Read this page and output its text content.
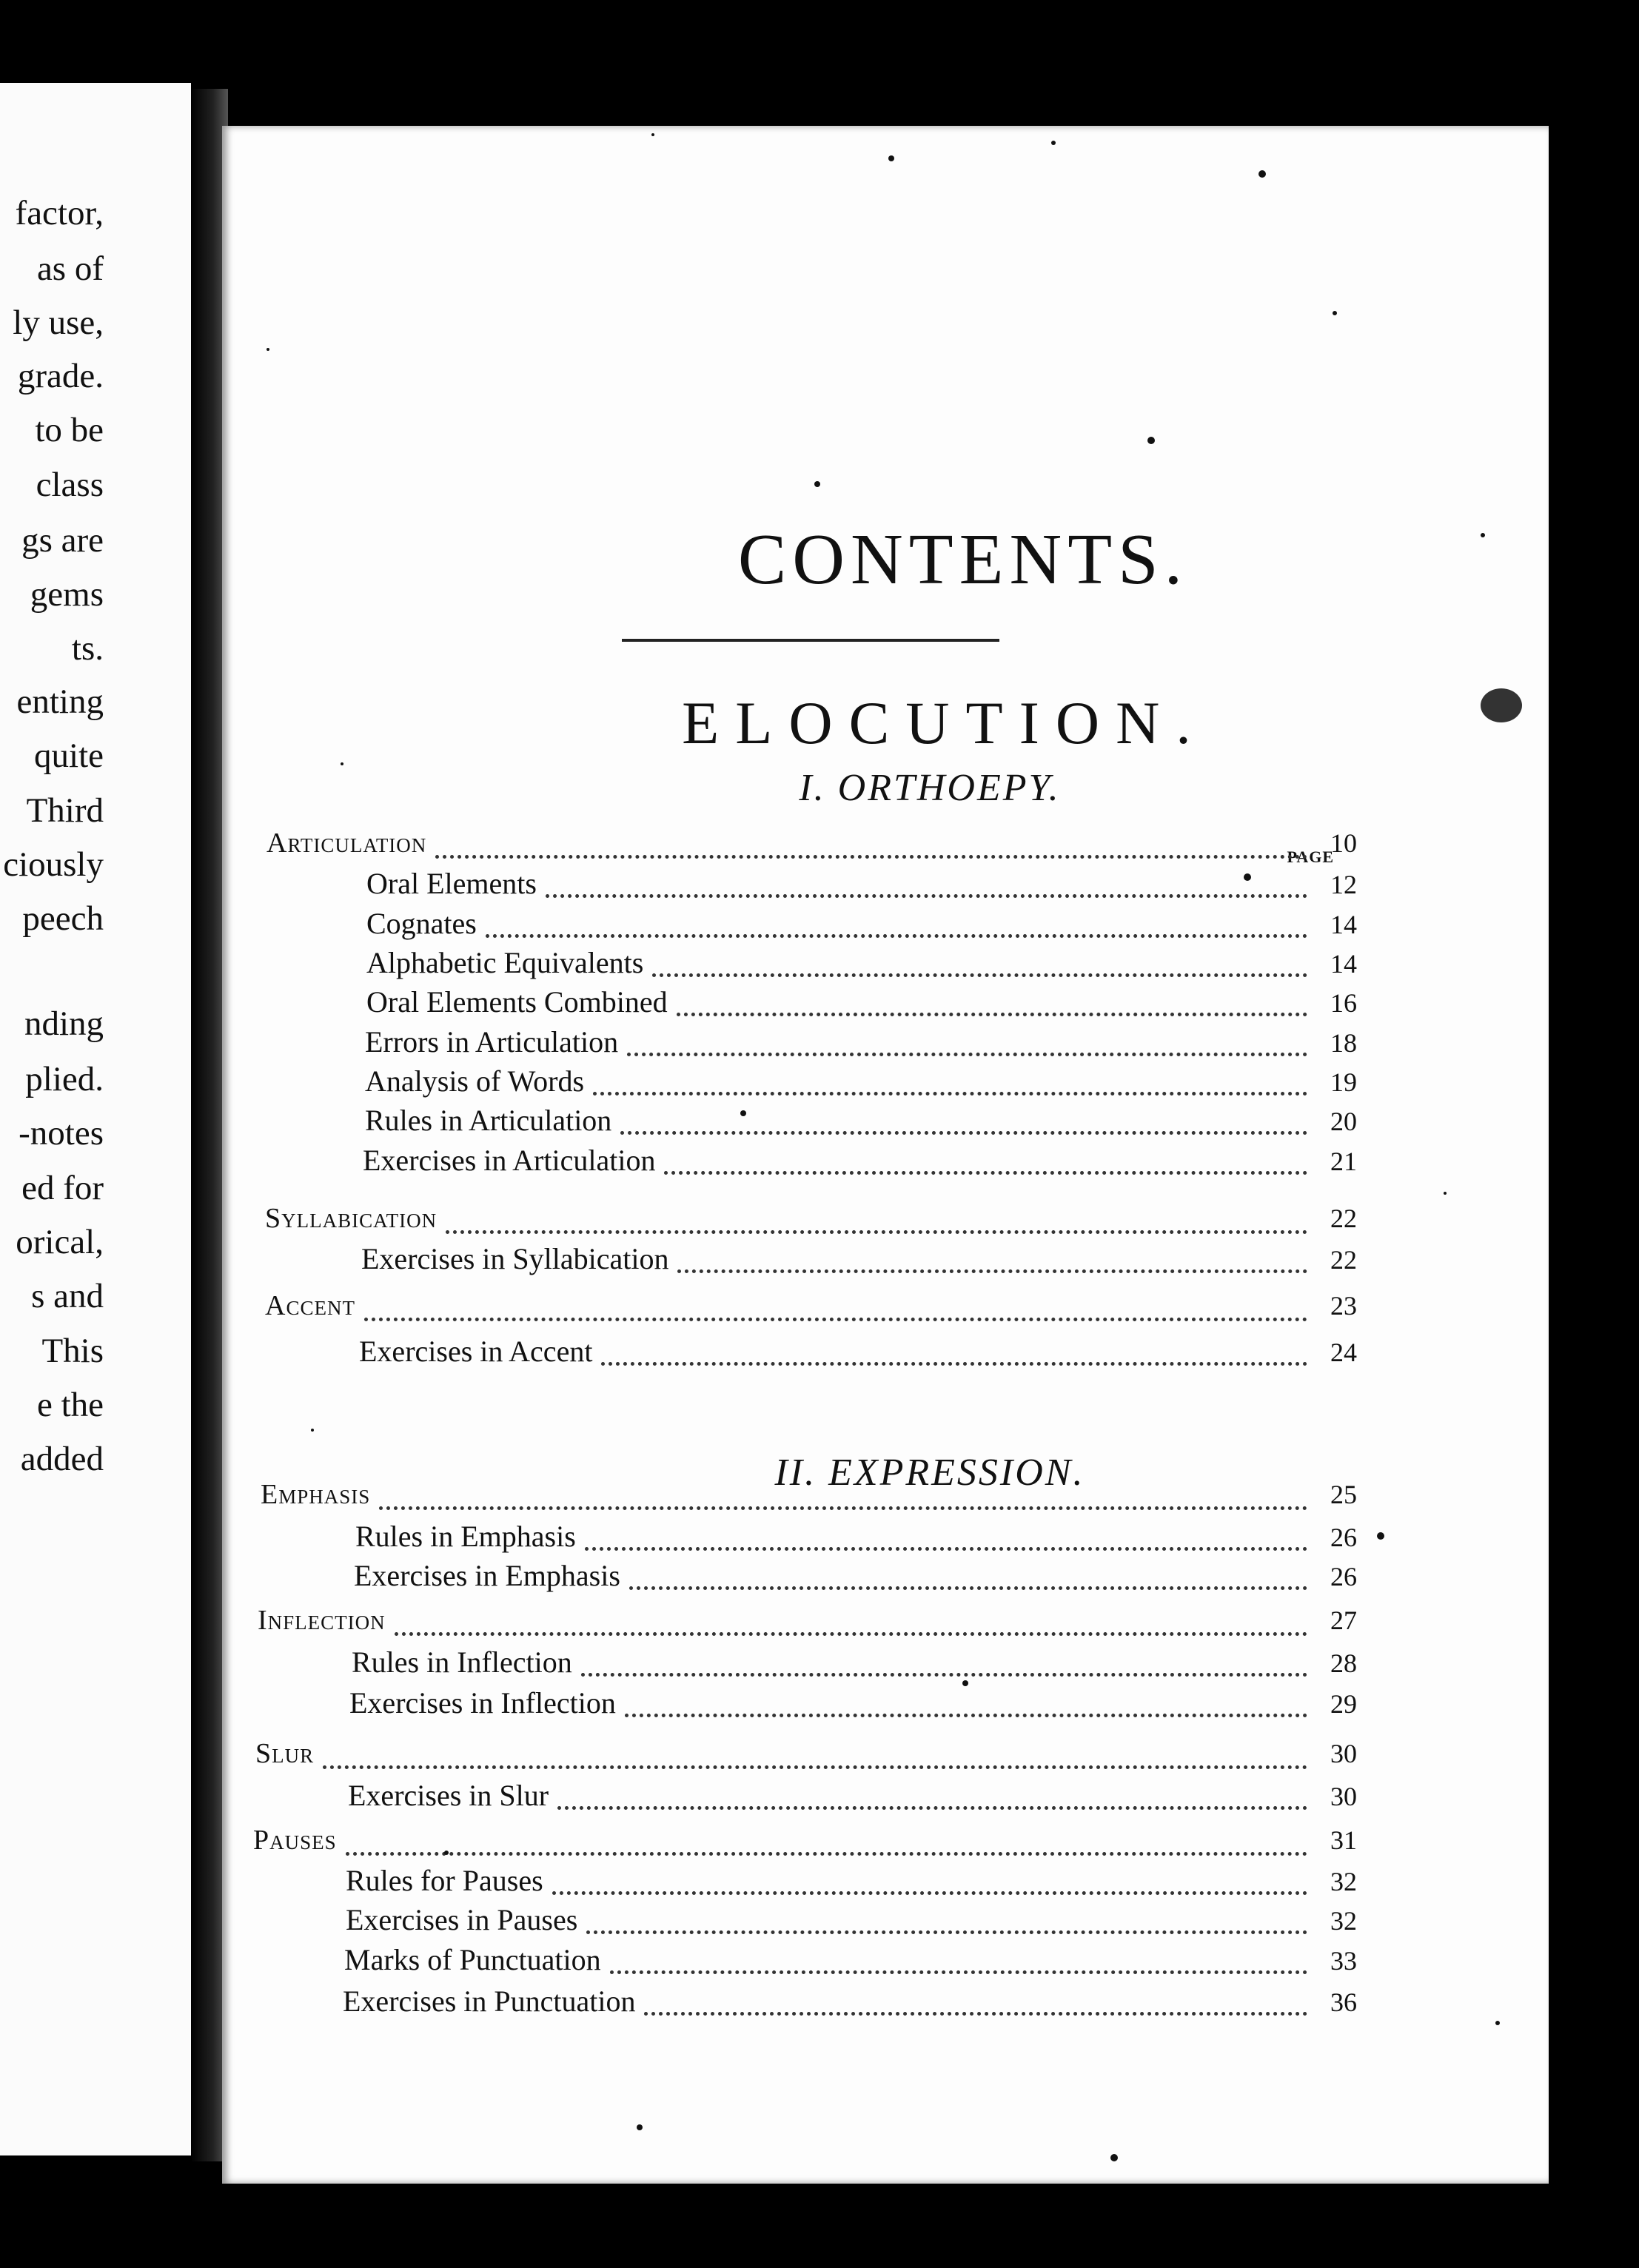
factor,
as of
ly use,
grade.
to be
class
gs are
gems
ts.
enting
quite
Third
ciously
peech
nding
plied.
-notes
ed for
orical,
s and
This
e the
added
CONTENTS.
ELOCUTION.
I. ORTHOEPY.
II. EXPRESSION.
PAGE
Articulation	10
Oral Elements	12
Cognates	14
Alphabetic Equivalents	14
Oral Elements Combined	16
Errors in Articulation	18
Analysis of Words	19
Rules in Articulation	20
Exercises in Articulation	21
Syllabication	22
Exercises in Syllabication	22
Accent	23
Exercises in Accent	24
Emphasis	25
Rules in Emphasis	26
Exercises in Emphasis	26
Inflection	27
Rules in Inflection	28
Exercises in Inflection	29
Slur	30
Exercises in Slur	30
Pauses	31
Rules for Pauses	32
Exercises in Pauses	32
Marks of Punctuation	33
Exercises in Punctuation	36
